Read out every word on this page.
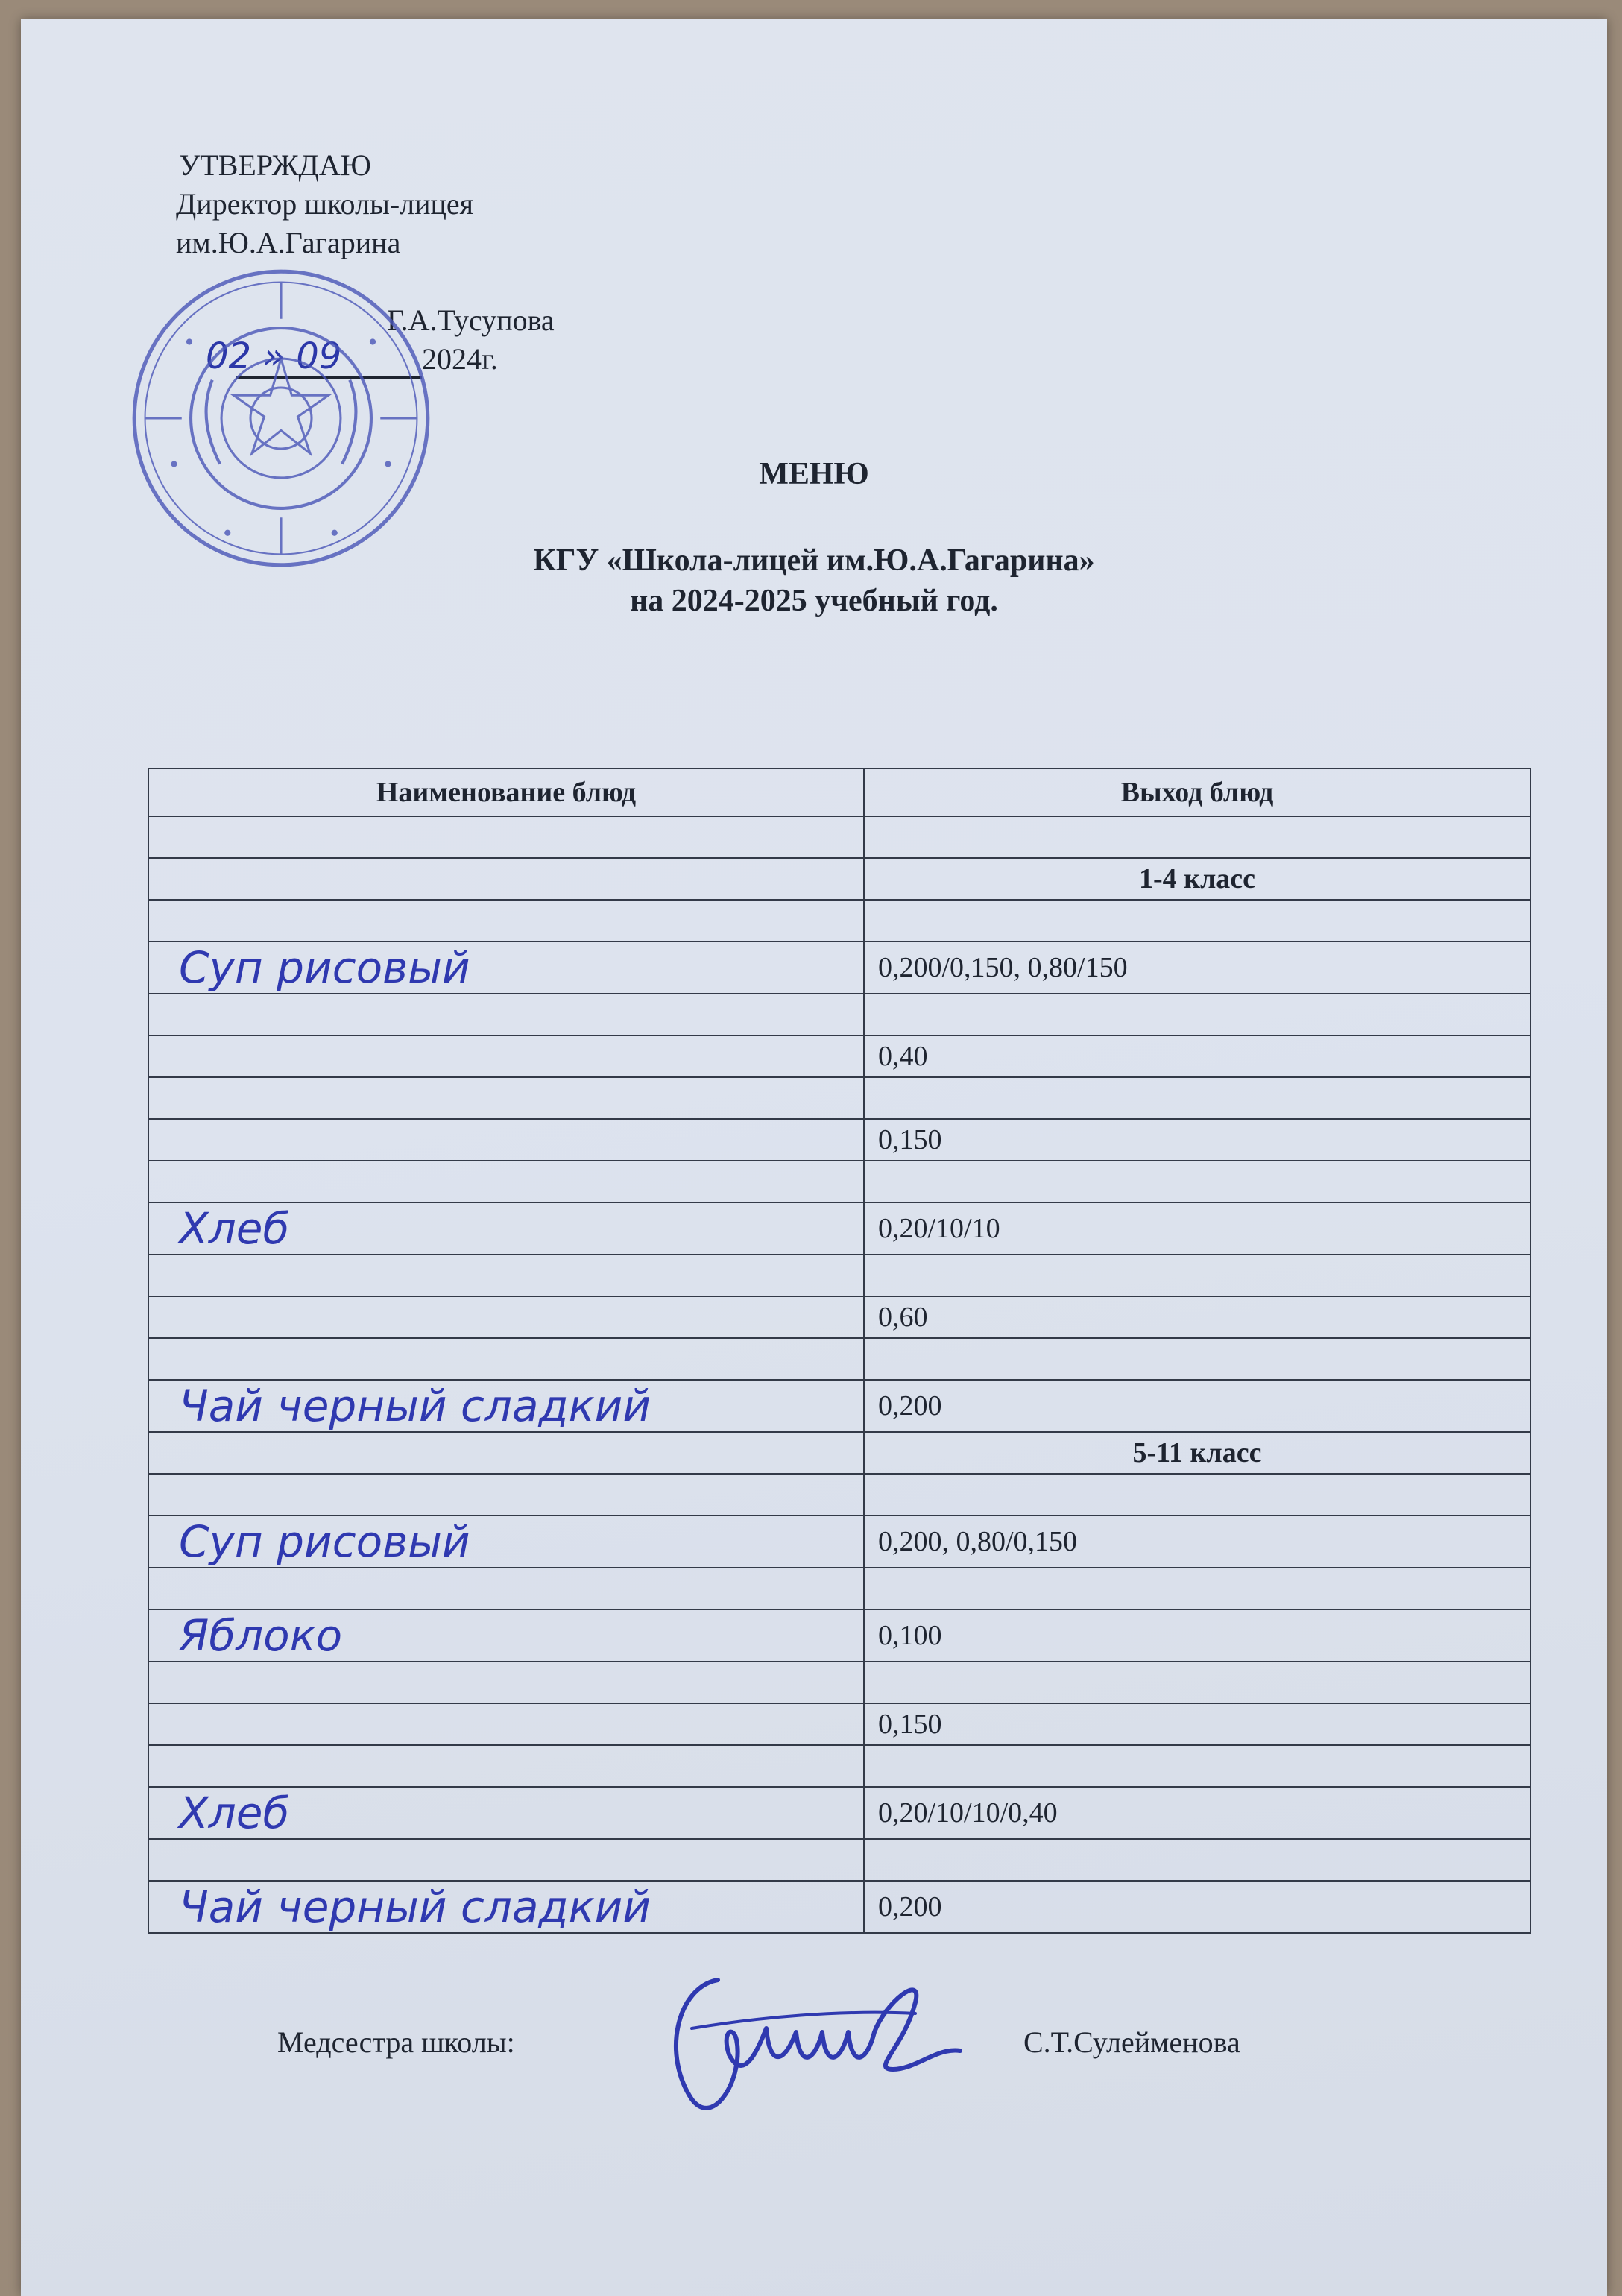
УТВЕРЖДАЮ
Директор школы-лицея
им.Ю.А.Гагарина
Г.А.Тусупова
2024г.
02 » 09
МЕНЮ
КГУ «Школа-лицей им.Ю.А.Гагарина»
на 2024-2025 учебный год.
Наименование блюд	Выход блюд

	1-4 класс

Суп рисовый	0,200/0,150, 0,80/150

	0,40

	0,150

Хлеб	0,20/10/10

	0,60

Чай черный сладкий	0,200
	5-11 класс

Суп рисовый	0,200, 0,80/0,150

Яблоко	0,100

	0,150

Хлеб	0,20/10/10/0,40

Чай черный сладкий	0,200
Медсестра школы:	С.Т.Сулейменова
